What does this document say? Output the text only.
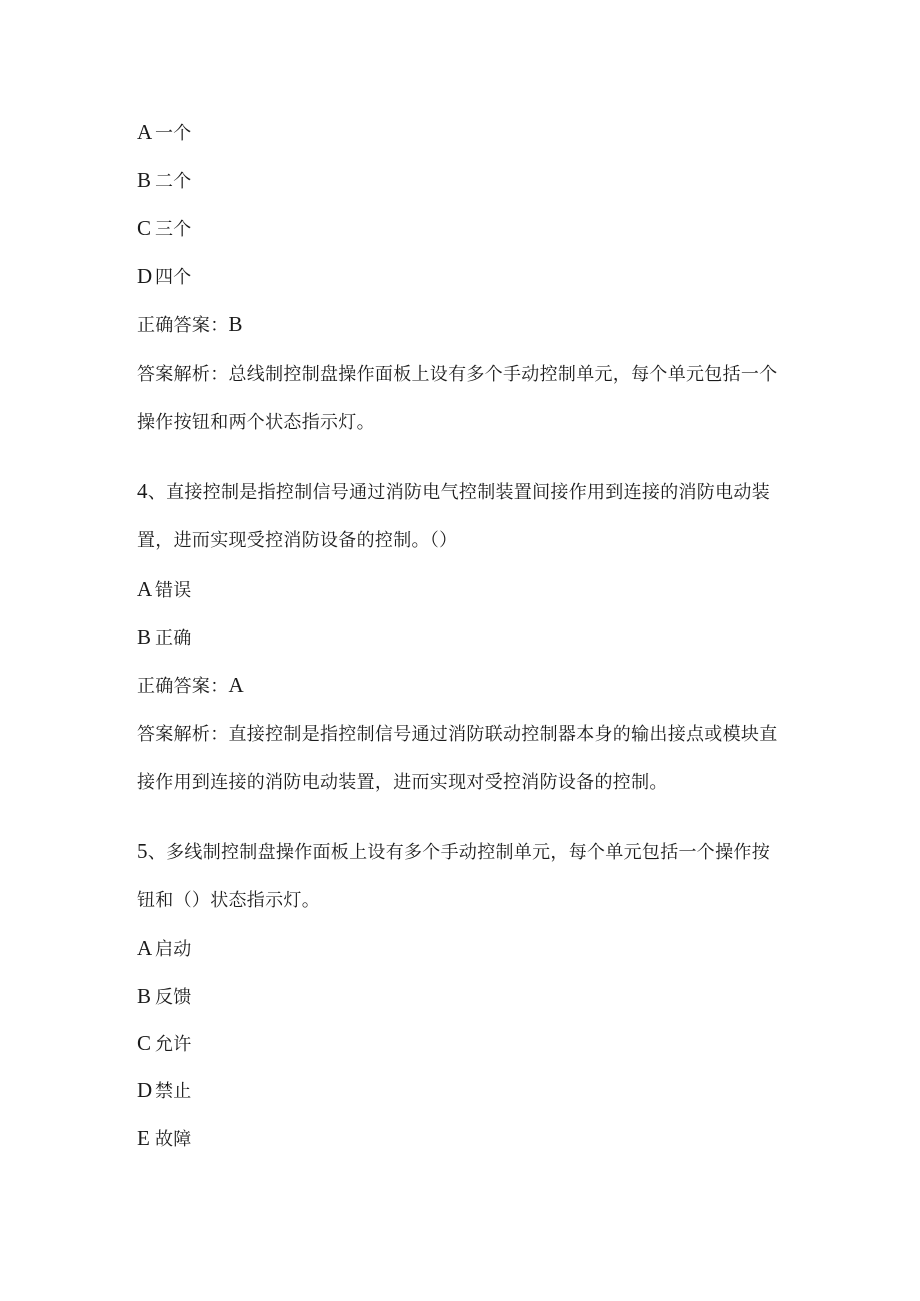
A 一个
B 二个
C 三个
D 四个
正确答案：B
答案解析：总线制控制盘操作面板上设有多个手动控制单元，每个单元包括一个
操作按钮和两个状态指示灯。
4、直接控制是指控制信号通过消防电气控制装置间接作用到连接的消防电动装
置，进而实现受控消防设备的控制。（）
A 错误
B 正确
正确答案：A
答案解析：直接控制是指控制信号通过消防联动控制器本身的输出接点或模块直
接作用到连接的消防电动装置，进而实现对受控消防设备的控制。
5、多线制控制盘操作面板上设有多个手动控制单元，每个单元包括一个操作按
钮和（）状态指示灯。
A 启动
B 反馈
C 允许
D 禁止
E 故障
